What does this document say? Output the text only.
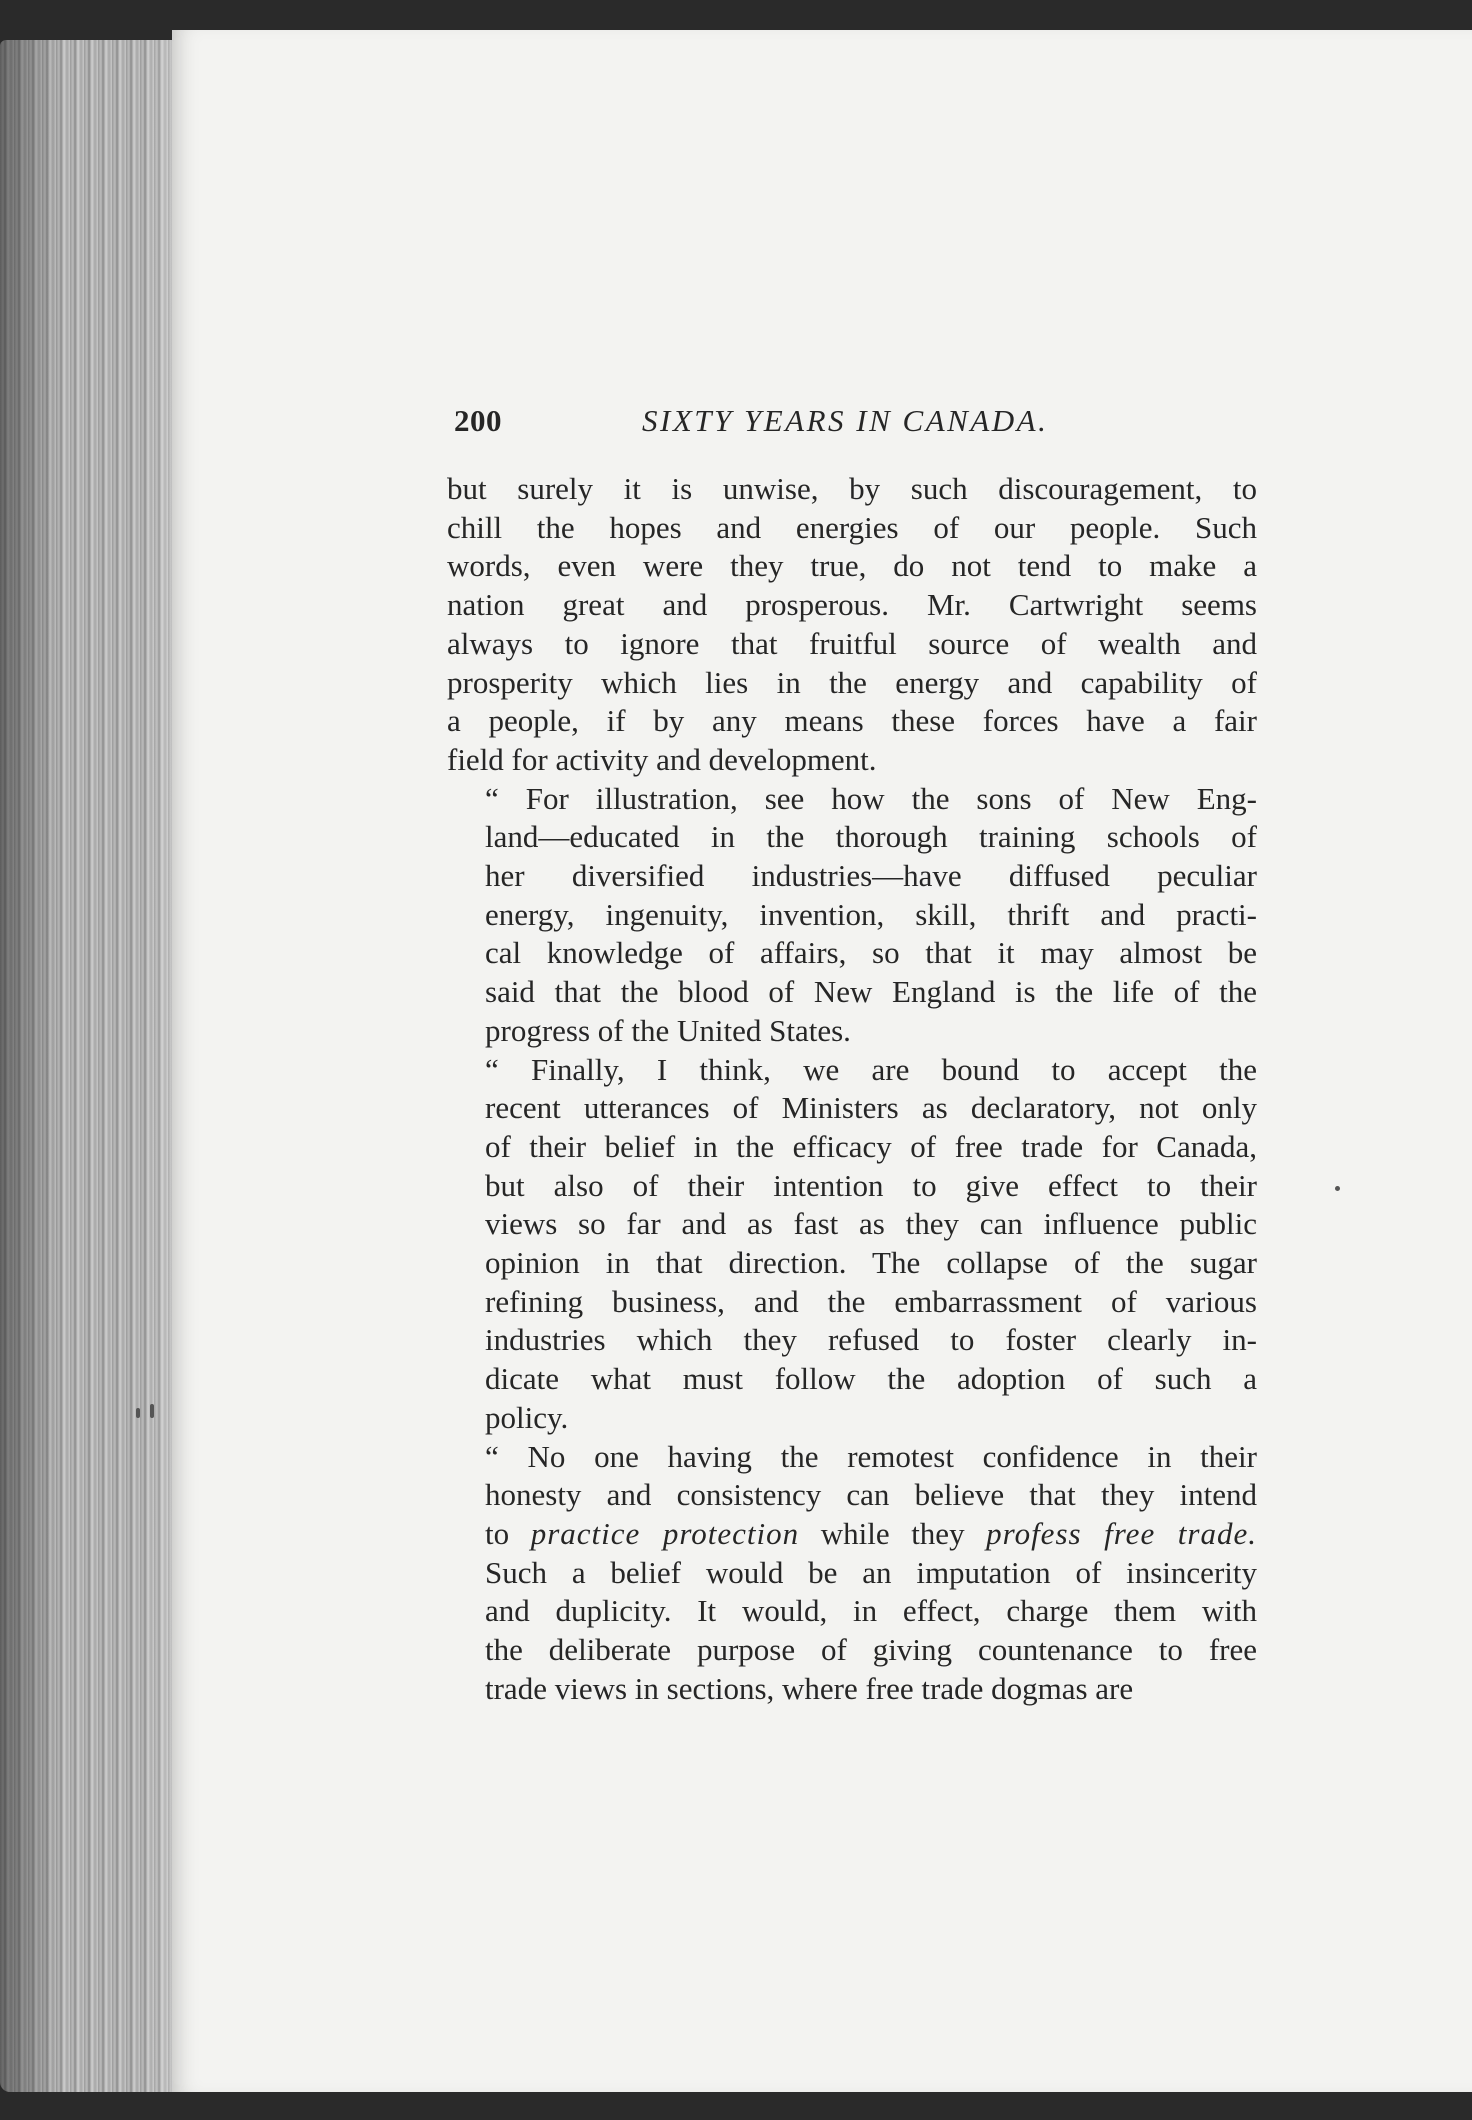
200	SIXTY YEARS IN CANADA.

but surely it is unwise, by such discouragement, to
chill the hopes and energies of our people. Such
words, even were they true, do not tend to make a
nation great and prosperous. Mr. Cartwright seems
always to ignore that fruitful source of wealth and
prosperity which lies in the energy and capability of
a people, if by any means these forces have a fair
field for activity and development.

“ For illustration, see how the sons of New Eng-
land—educated in the thorough training schools of
her diversified industries—have diffused peculiar
energy, ingenuity, invention, skill, thrift and practi-
cal knowledge of affairs, so that it may almost be
said that the blood of New England is the life of the
progress of the United States.

“ Finally, I think, we are bound to accept the
recent utterances of Ministers as declaratory, not only
of their belief in the efficacy of free trade for Canada,
but also of their intention to give effect to their
views so far and as fast as they can influence public
opinion in that direction. The collapse of the sugar
refining business, and the embarrassment of various
industries which they refused to foster clearly in-
dicate what must follow the adoption of such a
policy.

“ No one having the remotest confidence in their
honesty and consistency can believe that they intend
to practice protection while they profess free trade.
Such a belief would be an imputation of insincerity
and duplicity. It would, in effect, charge them with
the deliberate purpose of giving countenance to free
trade views in sections, where free trade dogmas are
